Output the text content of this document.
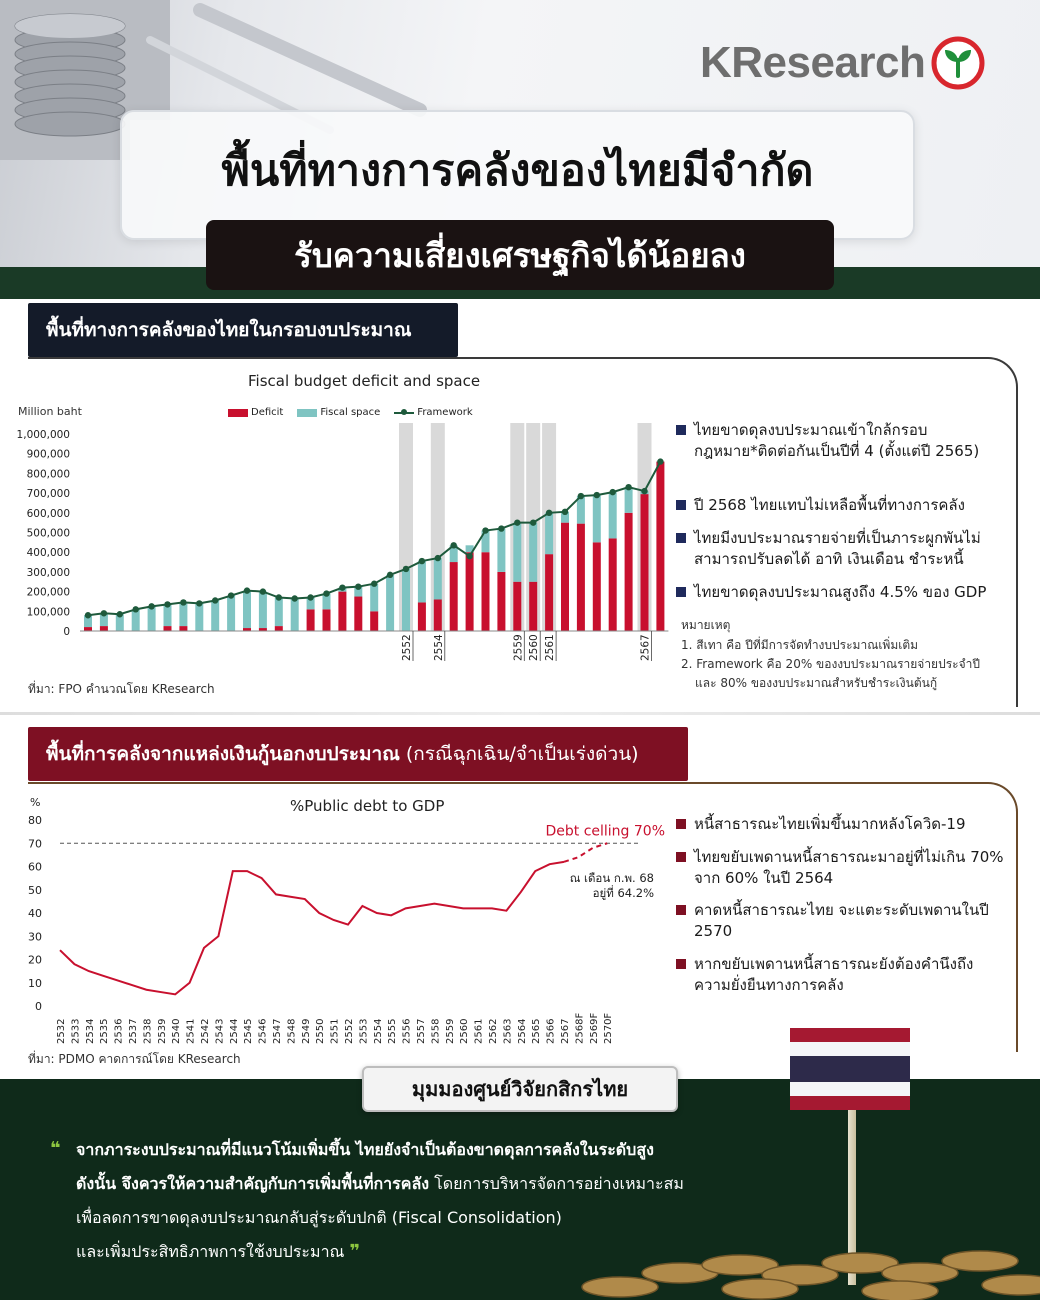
KResearch
พื้นที่ทางการคลังของไทยมีจำกัด
รับความเสี่ยงเศรษฐกิจได้น้อยลง
พื้นที่ทางการคลังของไทยในกรอบงบประมาณ
Fiscal budget deficit and space
Million baht	Deficit	Fiscal space	Framework
1,000,000
900,000
800,000
700,000
600,000
500,000
400,000
300,000
200,000
100,000
0
2552 2554	2559 2560 2561	2567
ที่มา: FPO คำนวณโดย KResearch
ไทยขาดดุลงบประมาณเข้าใกล้กรอบกฎหมาย*ติดต่อกันเป็นปีที่ 4 (ตั้งแต่ปี 2565)
ปี 2568 ไทยแทบไม่เหลือพื้นที่ทางการคลัง
ไทยมีงบประมาณรายจ่ายที่เป็นภาระผูกพันไม่สามารถปรับลดได้ อาทิ เงินเดือน ชำระหนี้
ไทยขาดดุลงบประมาณสูงถึง 4.5% ของ GDP
หมายเหตุ
1. สีเทา คือ ปีที่มีการจัดทำงบประมาณเพิ่มเติม
2. Framework คือ 20% ของงบประมาณรายจ่ายประจำปี
และ 80% ของงบประมาณสำหรับชำระเงินต้นกู้
พื้นที่การคลังจากแหล่งเงินกู้นอกงบประมาณ (กรณีฉุกเฉิน/จำเป็นเร่งด่วน)
%Public debt to GDP
%
0
10
20
30
40
50
60
70
80
Debt celling 70%
ณ เดือน ก.พ. 68
อยู่ที่ 64.2%
2532 2533 2534 2535 2536 2537 2538 2539 2540 2541 2542 2543 2544 2545 2546 2547 2548 2549 2550 2551 2552 2553 2554 2555 2556 2557 2558 2559 2560 2561 2562 2563 2564 2565 2566 2567 2568F 2569F 2570F
ที่มา: PDMO คาดการณ์โดย KResearch
หนี้สาธารณะไทยเพิ่มขึ้นมากหลังโควิด-19
ไทยขยับเพดานหนี้สาธารณะมาอยู่ที่ไม่เกิน 70% จาก 60% ในปี 2564
คาดหนี้สาธารณะไทย จะแตะระดับเพดานในปี 2570
หากขยับเพดานหนี้สาธารณะยังต้องคำนึงถึงความยั่งยืนทางการคลัง
มุมมองศูนย์วิจัยกสิกรไทย
❝ จากภาระงบประมาณที่มีแนวโน้มเพิ่มขึ้น ไทยยังจำเป็นต้องขาดดุลการคลังในระดับสูง
ดังนั้น จึงควรให้ความสำคัญกับการเพิ่มพื้นที่การคลัง โดยการบริหารจัดการอย่างเหมาะสม
เพื่อลดการขาดดุลงบประมาณกลับสู่ระดับปกติ (Fiscal Consolidation)
และเพิ่มประสิทธิภาพการใช้งบประมาณ ❞
